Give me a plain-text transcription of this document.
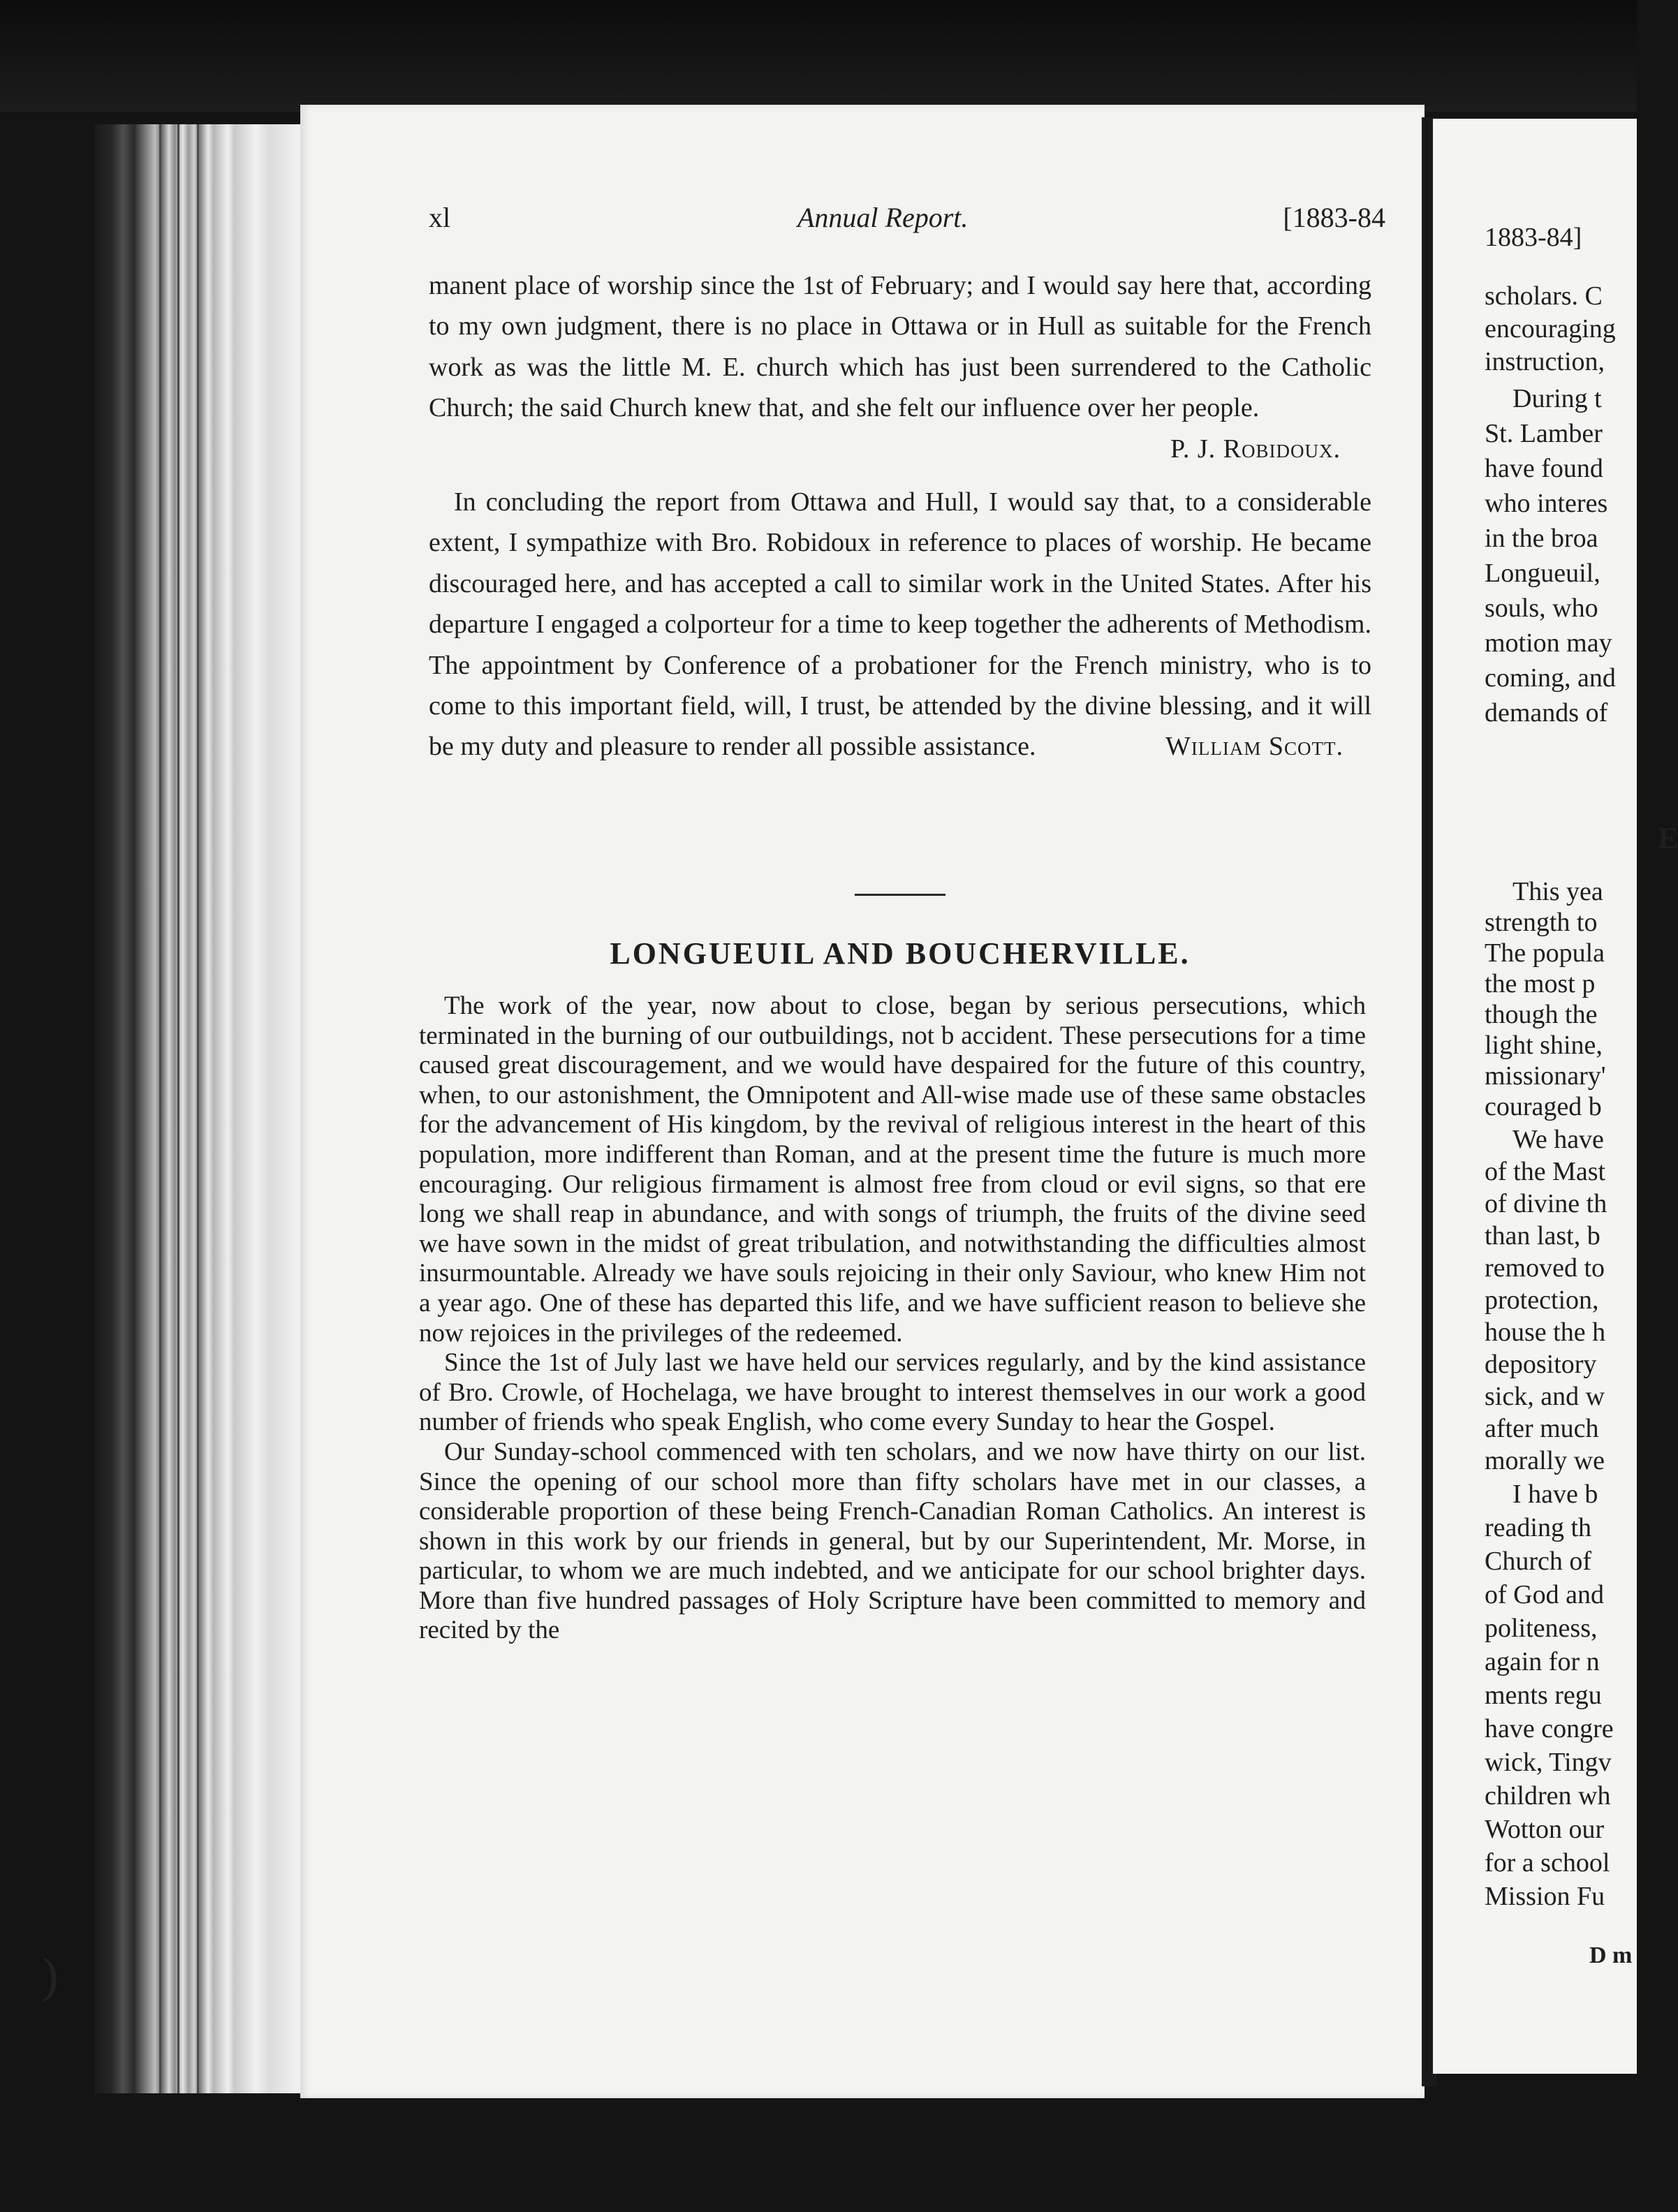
xl	Annual Report.	[1883-84

manent place of worship since the 1st of February; and I would say here that, according to my own judgment, there is no place in Ottawa or in Hull as suitable for the French work as was the little M. E. church which has just been surrendered to the Catholic Church; the said Church knew that, and she felt our influence over her people.

P. J. Robidoux.

In concluding the report from Ottawa and Hull, I would say that, to a considerable extent, I sympathize with Bro. Robidoux in reference to places of worship. He became discouraged here, and has accepted a call to similar work in the United States. After his departure I engaged a colporteur for a time to keep together the adherents of Methodism. The appointment by Conference of a probationer for the French ministry, who is to come to this important field, will, I trust, be attended by the divine blessing, and it will be my duty and pleasure to render all possible assistance.	William Scott.

LONGUEUIL AND BOUCHERVILLE.

The work of the year, now about to close, began by serious persecutions, which terminated in the burning of our outbuildings, not b accident. These persecutions for a time caused great discouragement, and we would have despaired for the future of this country, when, to our astonishment, the Omnipotent and All-wise made use of these same obstacles for the advancement of His kingdom, by the revival of religious interest in the heart of this population, more indifferent than Roman, and at the present time the future is much more encouraging. Our religious firmament is almost free from cloud or evil signs, so that ere long we shall reap in abundance, and with songs of triumph, the fruits of the divine seed we have sown in the midst of great tribulation, and notwithstanding the difficulties almost insurmountable. Already we have souls rejoicing in their only Saviour, who knew Him not a year ago. One of these has departed this life, and we have sufficient reason to believe she now rejoices in the privileges of the redeemed.

Since the 1st of July last we have held our services regularly, and by the kind assistance of Bro. Crowle, of Hochelaga, we have brought to interest themselves in our work a good number of friends who speak English, who come every Sunday to hear the Gospel.

Our Sunday-school commenced with ten scholars, and we now have thirty on our list. Since the opening of our school more than fifty scholars have met in our classes, a considerable proportion of these being French-Canadian Roman Catholics. An interest is shown in this work by our friends in general, but by our Superintendent, Mr. Morse, in particular, to whom we are much indebted, and we anticipate for our school brighter days. More than five hundred passages of Holy Scripture have been committed to memory and recited by the

1883-84]
scholars. C
encouraging
instruction,
During t
St. Lamber
have found
who interes
in the broa
Longueuil,
souls, who
motion may
coming, and
demands of
E
This yea
strength to
The popula
the most p
though the
light shine,
missionary'
couraged b
We have
of the Mast
of divine th
than last, b
removed to
protection,
house the h
depository
sick, and w
after much
morally we
I have b
reading th
Church of
of God and
politeness,
again for n
ments regu
have congre
wick, Tingv
children wh
Wotton our
for a school
Mission Fu
D m
)
